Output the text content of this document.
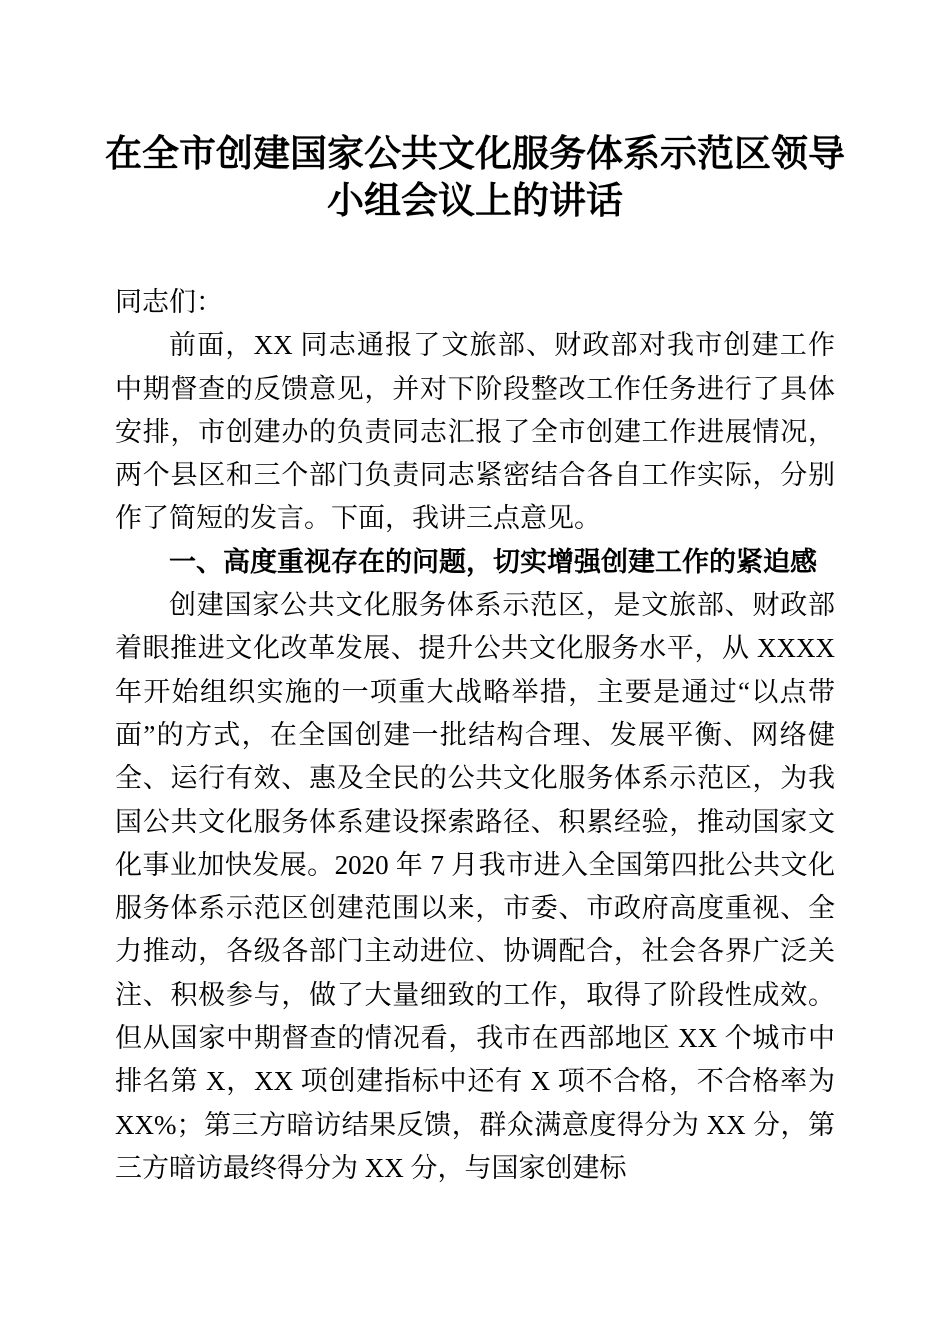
在全市创建国家公共文化服务体系示范区领导小组会议上的讲话

同志们：

前面，XX 同志通报了文旅部、财政部对我市创建工作中期督查的反馈意见，并对下阶段整改工作任务进行了具体安排，市创建办的负责同志汇报了全市创建工作进展情况，两个县区和三个部门负责同志紧密结合各自工作实际，分别作了简短的发言。下面，我讲三点意见。

一、高度重视存在的问题，切实增强创建工作的紧迫感

创建国家公共文化服务体系示范区，是文旅部、财政部着眼推进文化改革发展、提升公共文化服务水平，从 XXXX 年开始组织实施的一项重大战略举措，主要是通过“以点带面”的方式，在全国创建一批结构合理、发展平衡、网络健全、运行有效、惠及全民的公共文化服务体系示范区，为我国公共文化服务体系建设探索路径、积累经验，推动国家文化事业加快发展。2020 年 7 月我市进入全国第四批公共文化服务体系示范区创建范围以来，市委、市政府高度重视、全力推动，各级各部门主动进位、协调配合，社会各界广泛关注、积极参与，做了大量细致的工作，取得了阶段性成效。但从国家中期督查的情况看，我市在西部地区 XX 个城市中排名第 X，XX 项创建指标中还有 X 项不合格，不合格率为 XX%；第三方暗访结果反馈，群众满意度得分为 XX 分，第三方暗访最终得分为 XX 分，与国家创建标
